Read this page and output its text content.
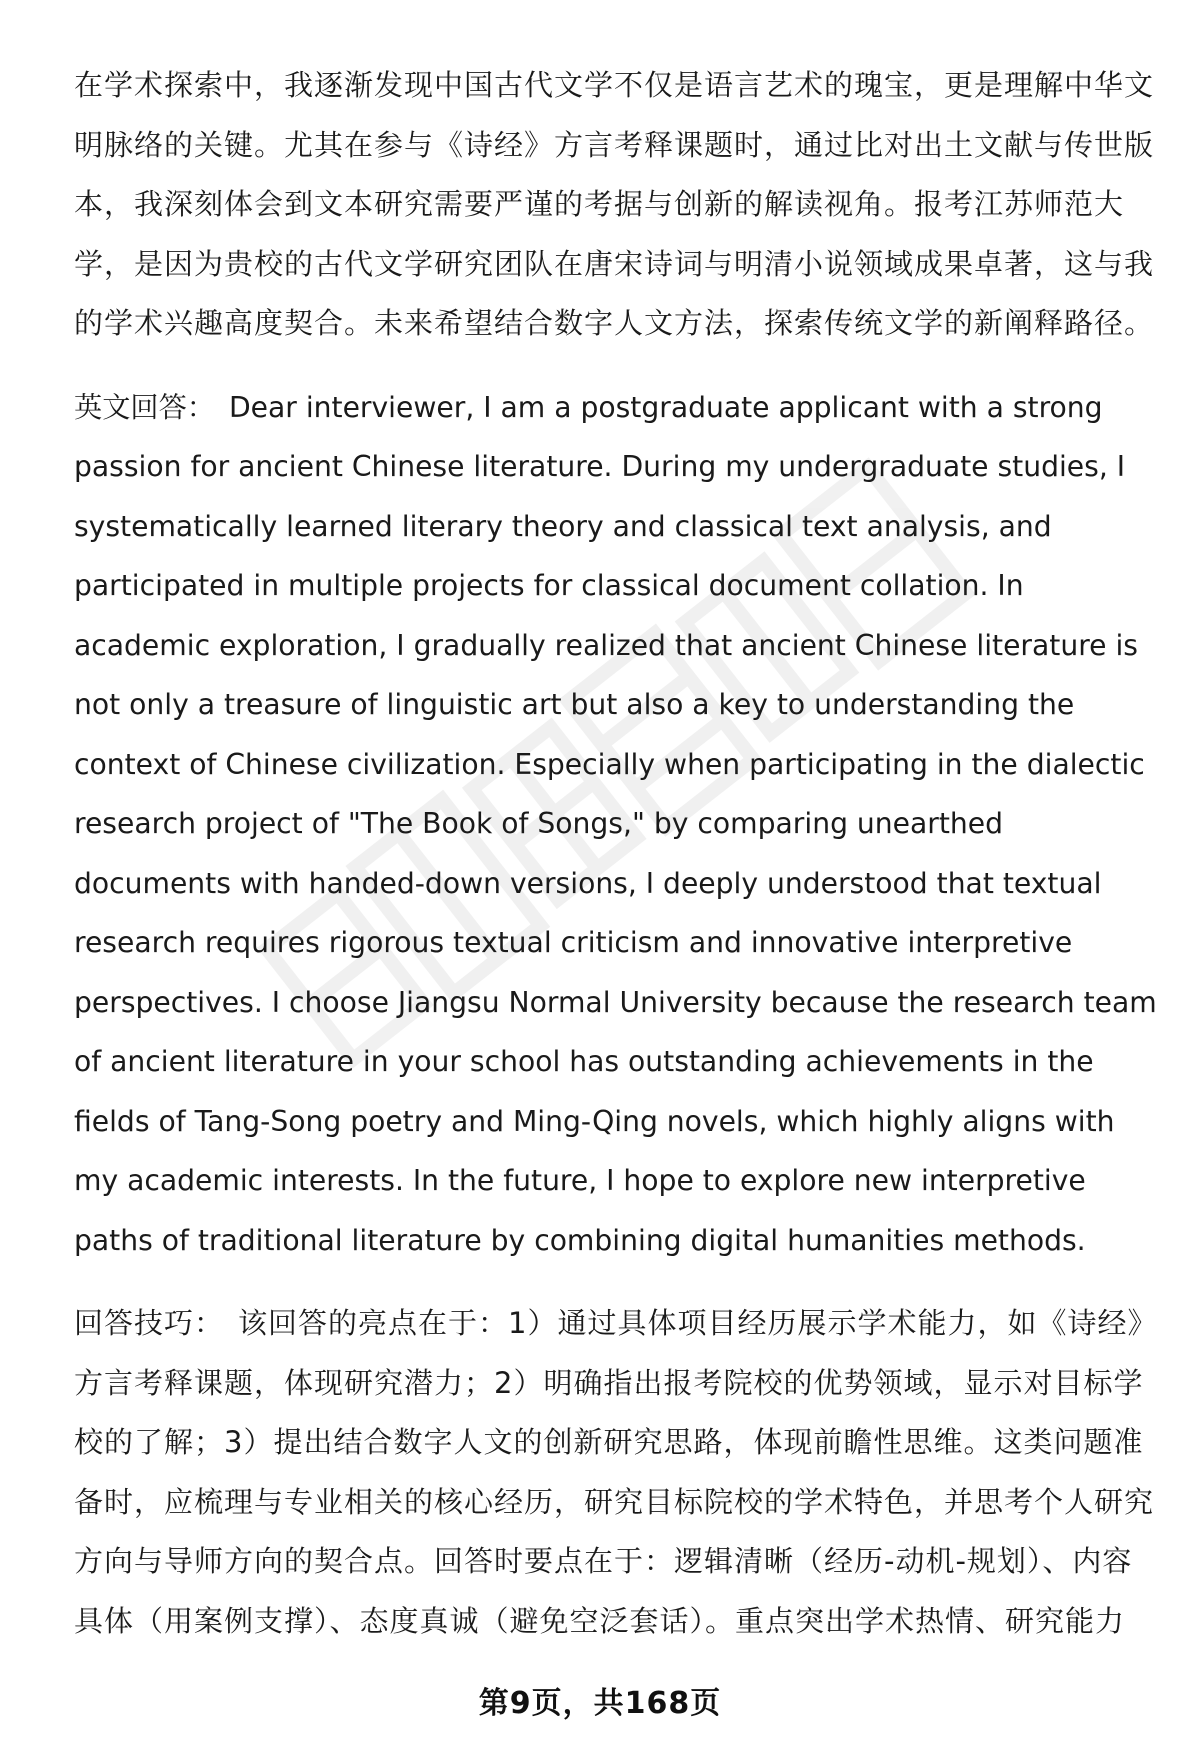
在学术探索中，我逐渐发现中国古代文学不仅是语言艺术的瑰宝，更是理解中华文明脉络的关键。尤其在参与《诗经》方言考释课题时，通过比对出土文献与传世版本，我深刻体会到文本研究需要严谨的考据与创新的解读视角。报考江苏师范大学，是因为贵校的古代文学研究团队在唐宋诗词与明清小说领域成果卓著，这与我的学术兴趣高度契合。未来希望结合数字人文方法，探索传统文学的新阐释路径。

英文回答： Dear interviewer, I am a postgraduate applicant with a strong passion for ancient Chinese literature. During my undergraduate studies, I systematically learned literary theory and classical text analysis, and participated in multiple projects for classical document collation. In academic exploration, I gradually realized that ancient Chinese literature is not only a treasure of linguistic art but also a key to understanding the context of Chinese civilization. Especially when participating in the dialectic research project of "The Book of Songs," by comparing unearthed documents with handed-down versions, I deeply understood that textual research requires rigorous textual criticism and innovative interpretive perspectives. I choose Jiangsu Normal University because the research team of ancient literature in your school has outstanding achievements in the fields of Tang-Song poetry and Ming-Qing novels, which highly aligns with my academic interests. In the future, I hope to explore new interpretive paths of traditional literature by combining digital humanities methods.

回答技巧： 该回答的亮点在于：1）通过具体项目经历展示学术能力，如《诗经》方言考释课题，体现研究潜力；2）明确指出报考院校的优势领域，显示对目标学校的了解；3）提出结合数字人文的创新研究思路，体现前瞻性思维。这类问题准备时，应梳理与专业相关的核心经历，研究目标院校的学术特色，并思考个人研究方向与导师方向的契合点。回答时要点在于：逻辑清晰（经历-动机-规划）、内容具体（用案例支撑）、态度真诚（避免空泛套话）。重点突出学术热情、研究能力

第9页，共168页
